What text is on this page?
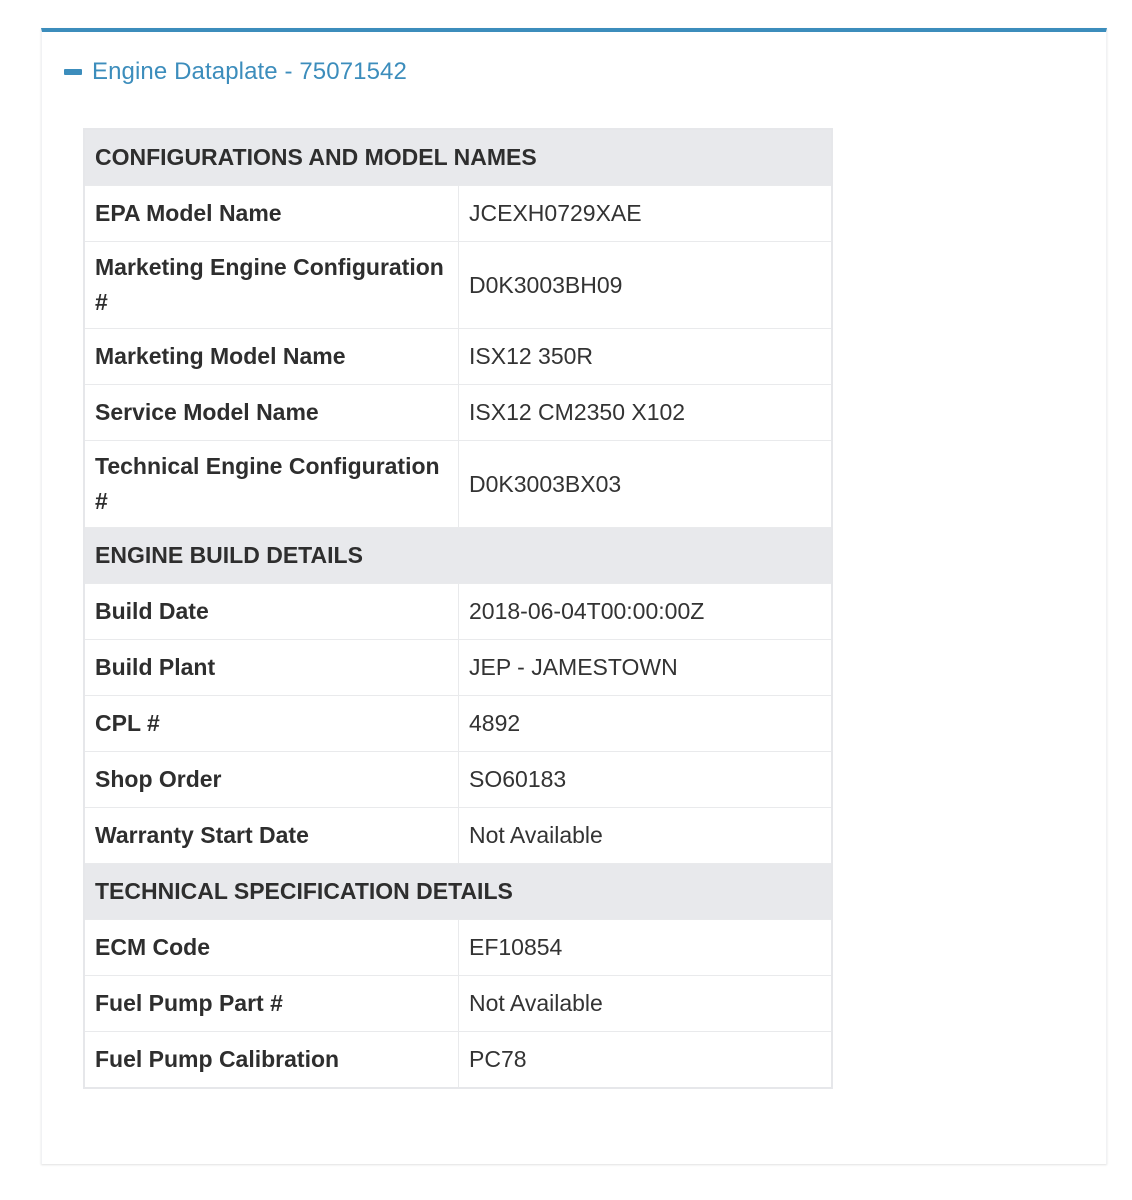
Engine Dataplate - 75071542
CONFIGURATIONS AND MODEL NAMES	
EPA Model Name	JCEXH0729XAE
Marketing Engine Configuration #	D0K3003BH09
Marketing Model Name	ISX12 350R
Service Model Name	ISX12 CM2350 X102
Technical Engine Configuration #	D0K3003BX03
ENGINE BUILD DETAILS	
Build Date	2018-06-04T00:00:00Z
Build Plant	JEP - JAMESTOWN
CPL #	4892
Shop Order	SO60183
Warranty Start Date	Not Available
TECHNICAL SPECIFICATION DETAILS	
ECM Code	EF10854
Fuel Pump Part #	Not Available
Fuel Pump Calibration	PC78
